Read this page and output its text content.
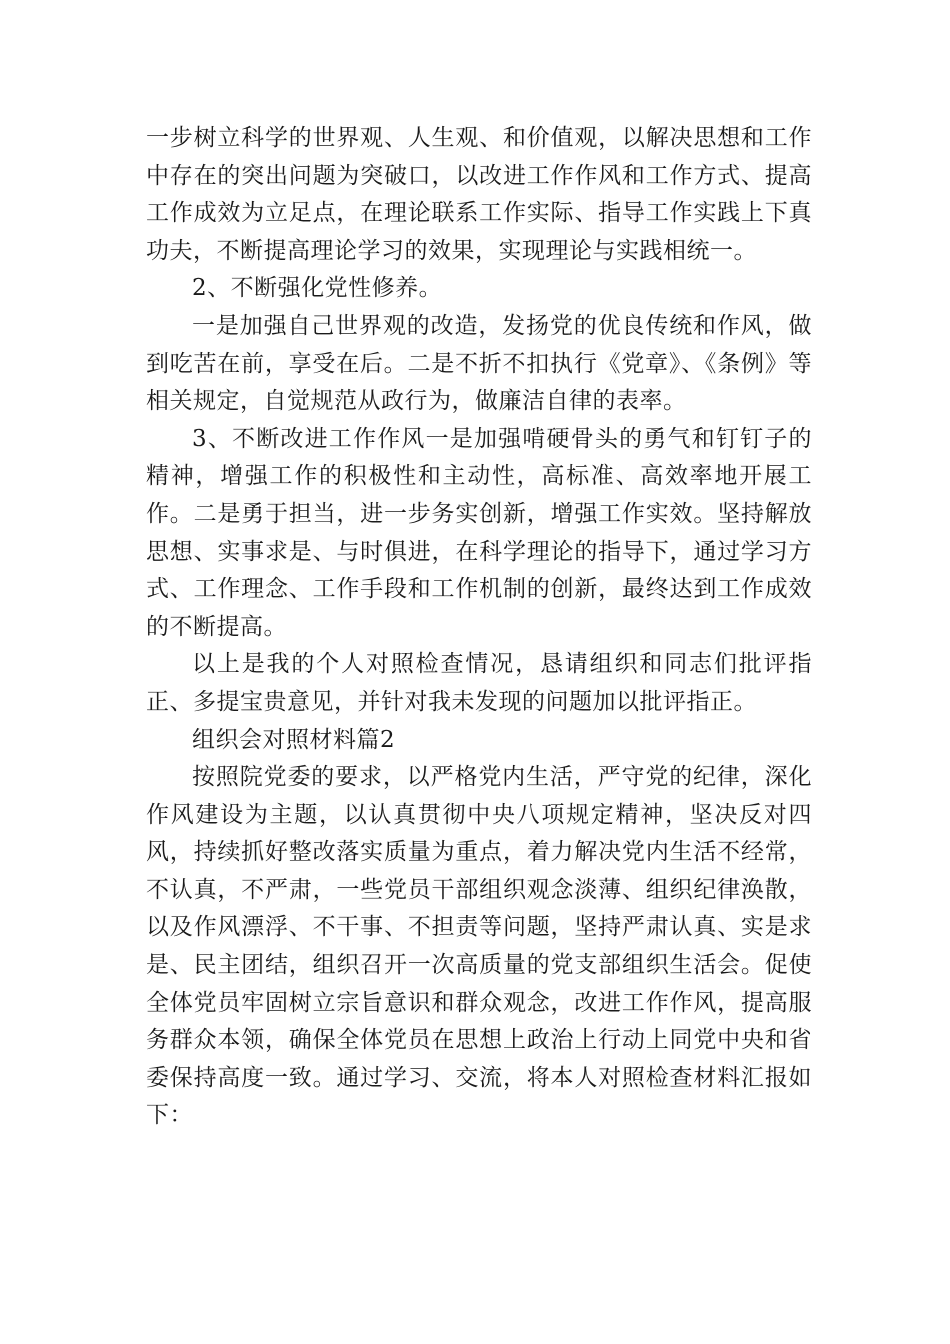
一步树立科学的世界观、人生观、和价值观，以解决思想和工作中存在的突出问题为突破口，以改进工作作风和工作方式、提高工作成效为立足点，在理论联系工作实际、指导工作实践上下真功夫，不断提高理论学习的效果，实现理论与实践相统一。

2、不断强化党性修养。

一是加强自己世界观的改造，发扬党的优良传统和作风，做到吃苦在前，享受在后。二是不折不扣执行《党章》、《条例》等相关规定，自觉规范从政行为，做廉洁自律的表率。

3、不断改进工作作风一是加强啃硬骨头的勇气和钉钉子的精神，增强工作的积极性和主动性，高标准、高效率地开展工作。二是勇于担当，进一步务实创新，增强工作实效。坚持解放思想、实事求是、与时俱进，在科学理论的指导下，通过学习方式、工作理念、工作手段和工作机制的创新，最终达到工作成效的不断提高。

以上是我的个人对照检查情况，恳请组织和同志们批评指正、多提宝贵意见，并针对我未发现的问题加以批评指正。

组织会对照材料篇2

按照院党委的要求，以严格党内生活，严守党的纪律，深化作风建设为主题，以认真贯彻中央八项规定精神，坚决反对四风，持续抓好整改落实质量为重点，着力解决党内生活不经常，不认真，不严肃，一些党员干部组织观念淡薄、组织纪律涣散，以及作风漂浮、不干事、不担责等问题，坚持严肃认真、实是求是、民主团结，组织召开一次高质量的党支部组织生活会。促使全体党员牢固树立宗旨意识和群众观念，改进工作作风，提高服务群众本领，确保全体党员在思想上政治上行动上同党中央和省委保持高度一致。通过学习、交流，将本人对照检查材料汇报如下：
